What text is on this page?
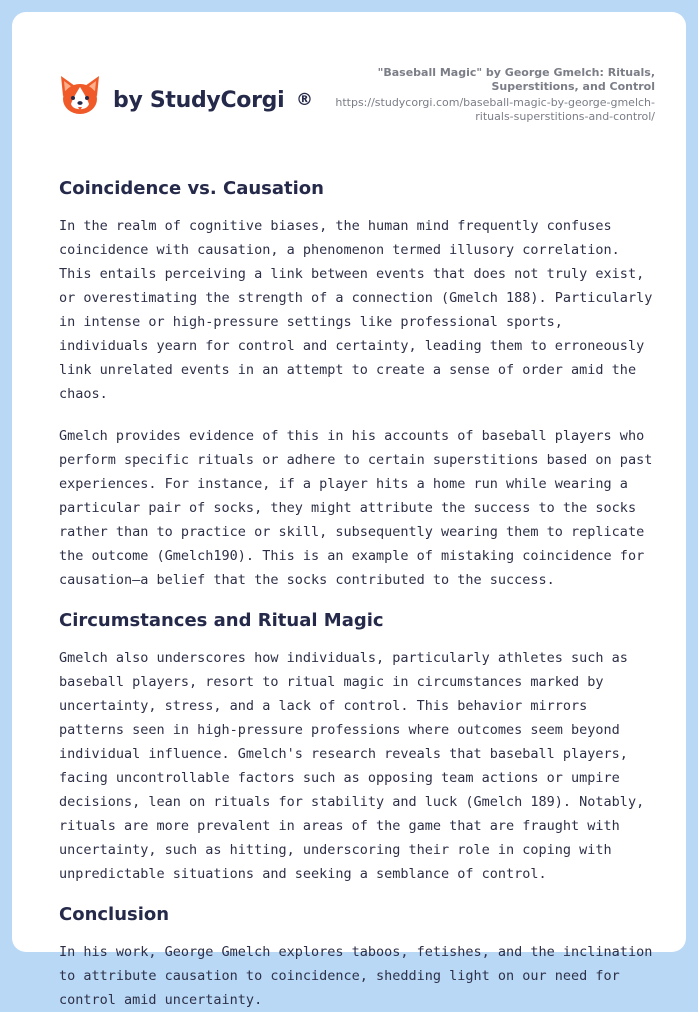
by StudyCorgi ®
"Baseball Magic" by George Gmelch: Rituals, Superstitions, and Control
https://studycorgi.com/baseball-magic-by-george-gmelch-rituals-superstitions-and-control/
Coincidence vs. Causation

In the realm of cognitive biases, the human mind frequently confuses coincidence with causation, a phenomenon termed illusory correlation. This entails perceiving a link between events that does not truly exist, or overestimating the strength of a connection (Gmelch 188). Particularly in intense or high-pressure settings like professional sports, individuals yearn for control and certainty, leading them to erroneously link unrelated events in an attempt to create a sense of order amid the chaos.

Gmelch provides evidence of this in his accounts of baseball players who perform specific rituals or adhere to certain superstitions based on past experiences. For instance, if a player hits a home run while wearing a particular pair of socks, they might attribute the success to the socks rather than to practice or skill, subsequently wearing them to replicate the outcome (Gmelch190). This is an example of mistaking coincidence for causation—a belief that the socks contributed to the success.

Circumstances and Ritual Magic

Gmelch also underscores how individuals, particularly athletes such as baseball players, resort to ritual magic in circumstances marked by uncertainty, stress, and a lack of control. This behavior mirrors patterns seen in high-pressure professions where outcomes seem beyond individual influence. Gmelch's research reveals that baseball players, facing uncontrollable factors such as opposing team actions or umpire decisions, lean on rituals for stability and luck (Gmelch 189). Notably, rituals are more prevalent in areas of the game that are fraught with uncertainty, such as hitting, underscoring their role in coping with unpredictable situations and seeking a semblance of control.

Conclusion

In his work, George Gmelch explores taboos, fetishes, and the inclination to attribute causation to coincidence, shedding light on our need for control amid uncertainty.
